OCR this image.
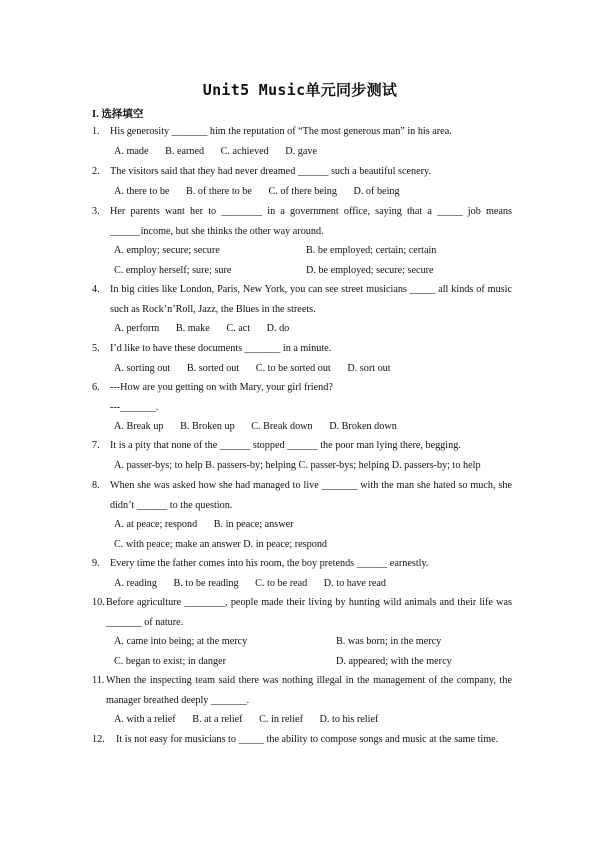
Unit5 Music单元同步测试
I. 选择填空
1.	His generosity _______ him the reputation of “The most generous man” in his area.
A. made B. earned C. achieved D. gave
2.	The visitors said that they had never dreamed ______ such a beautiful scenery.
A. there to be B. of there to be C. of there being D. of being
3.	Her parents want her to ________ in a government office, saying that a _____ job means ______income, but she thinks the other way around.
A. employ; secure; secure	B. be employed; certain; certain
C. employ herself; sure; sure	D. be employed; secure; secure
4.	In big cities like London, Paris, New York, you can see street musicians _____ all kinds of music such as Rock’n’Roll, Jazz, the Blues in the streets.
A. perform B. make C. act D. do
5.	I’d like to have these documents _______ in a minute.
A. sorting out B. sorted out C. to be sorted out D. sort out
6.	---How are you getting on with Mary, your girl friend?
---_______.
A. Break up B. Broken up C. Break down D. Broken down
7.	It is a pity that none of the ______ stopped ______ the poor man lying there, begging.
A. passer-bys; to help B. passers-by; helping C. passer-bys; helping D. passers-by; to help
8.	When she was asked how she had managed to live _______ with the man she hated so much, she didn’t ______ to the question.
A. at peace; respond B. in peace; answer
C. with peace; make an answer D. in peace; respond
9.	Every time the father comes into his room, the boy pretends ______ earnestly.
A. reading B. to be reading C. to be read D. to have read
10. Before agriculture ________, people made their living by hunting wild animals and their life was _______ of nature.
A. came into being; at the mercy	B. was born; in the mercy
C. began to exist; in danger	D. appeared; with the mercy
11. When the inspecting team said there was nothing illegal in the management of the company, the manager breathed deeply _______.
A. with a relief B. at a relief C. in relief D. to his relief
12.	It is not easy for musicians to _____ the ability to compose songs and music at the same time.
